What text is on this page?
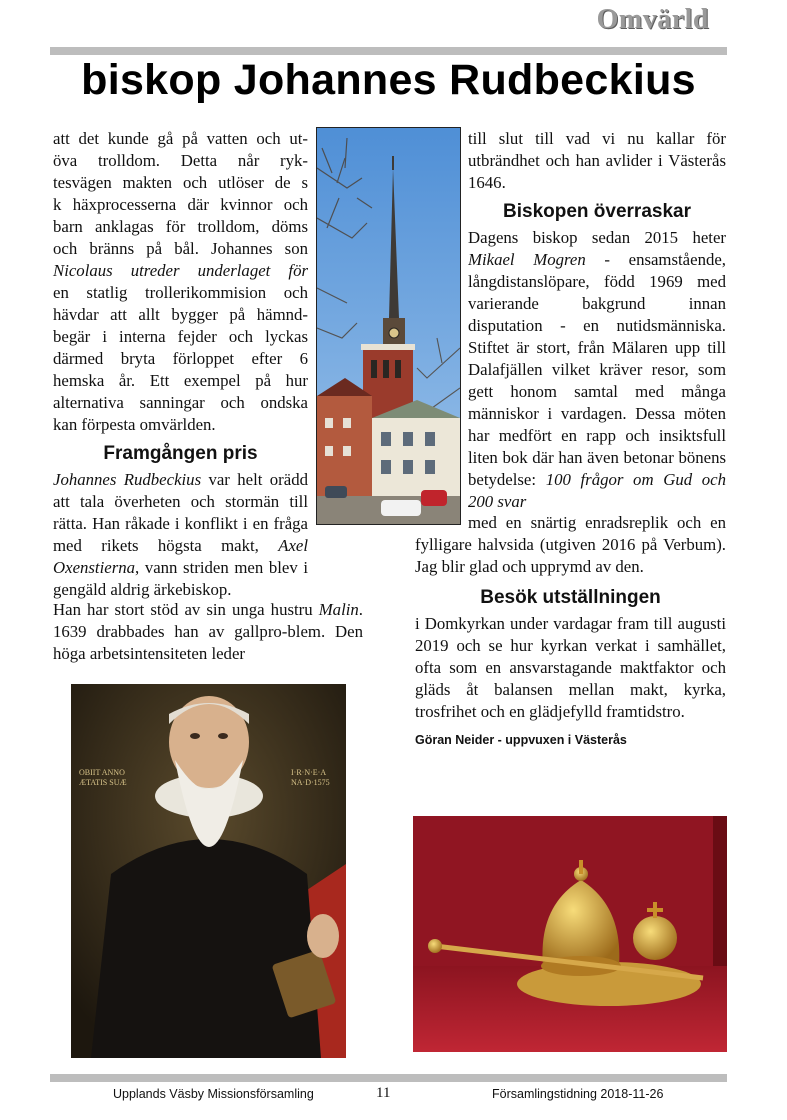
Omvärld
biskop Johannes Rudbeckius
att det kunde gå på vatten och ut-
öva trolldom. Detta når ryk-
tesvägen makten och utlöser de s
k häxprocesserna där kvinnor och
barn anklagas för trolldom, döms
och bränns på bål. Johannes son
Nicolaus utreder underlaget för
en statlig trollerikommision och
hävdar att allt bygger på hämnd-
begär i interna fejder och lyckas
därmed bryta förloppet efter 6
hemska år. Ett exempel på hur
alternativa sanningar och ondska
kan förpesta omvärlden.
Framgången pris

Johannes Rudbeckius var helt orädd att tala överheten och stormän till rätta. Han råkade i konflikt i en fråga med rikets högsta makt, Axel Oxenstierna, vann striden men blev i gengäld aldrig ärkebiskop.

Han har stort stöd av sin unga hustru Malin. 1639 drabbades han av gallpro-blem. Den höga arbetsintensiteten leder

till slut till vad vi nu kallar för utbrändhet och han avlider i Västerås 1646.

Biskopen överraskar

Dagens biskop sedan 2015 heter Mikael Mogren - ensamstående, långdistanslöpare, född 1969 med varierande bakgrund innan disputation - en nutidsmänniska. Stiftet är stort, från Mälaren upp till Dalafjällen vilket kräver resor, som gett honom samtal med många människor i vardagen. Dessa möten har medfört en rapp och insiktsfull liten bok där han även betonar bönens betydelse: 100 frågor om Gud och 200 svar

med en snärtig enradsreplik och en fylligare halvsida (utgiven 2016 på Verbum). Jag blir glad och upprymd av den.

Besök utställningen

i Domkyrkan under vardagar fram till augusti 2019 och se hur kyrkan verkat i samhället, ofta som en ansvarstagande maktfaktor och gläds åt balansen mellan makt, kyrka, trosfrihet och en glädjefylld framtidstro.

Göran Neider - uppvuxen i Västerås
OBIIT ANNO
ÆTATIS SUÆ
I·R·N·E·A
NA·D·1575
Upplands Väsby Missionsförsamling	11	Församlingstidning 2018-11-26
